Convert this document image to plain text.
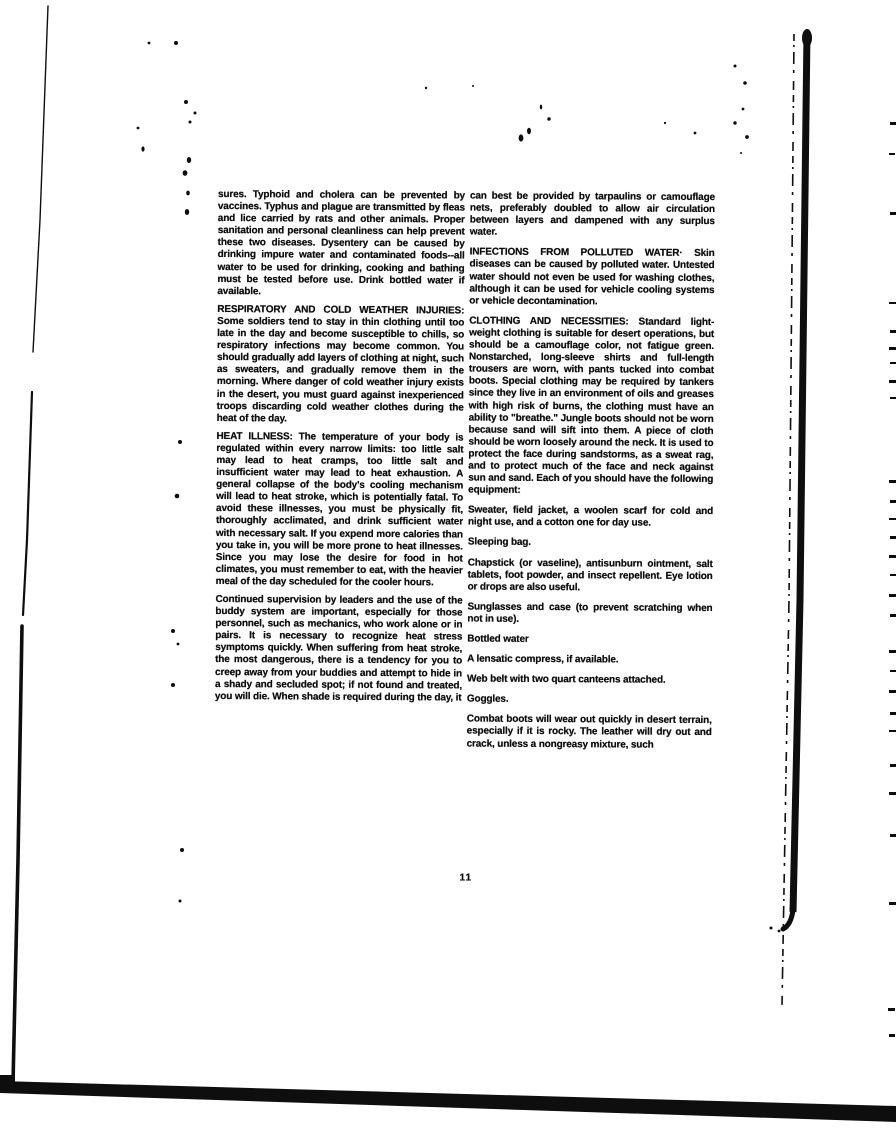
sures. Typhoid and cholera can be prevented by vaccines. Typhus and plague are transmitted by fleas and lice carried by rats and other animals. Proper sanitation and personal cleanliness can help prevent these two diseases. Dysentery can be caused by drinking impure water and contaminated foods--all water to be used for drinking, cooking and bathing must be tested before use. Drink bottled water if available.

RESPIRATORY AND COLD WEATHER INJURIES: Some soldiers tend to stay in thin clothing until too late in the day and become susceptible to chills, so respiratory infections may become common. You should gradually add layers of clothing at night, such as sweaters, and gradually remove them in the morning. Where danger of cold weather injury exists in the desert, you must guard against inexperienced troops discarding cold weather clothes during the heat of the day.

HEAT ILLNESS: The temperature of your body is regulated within every narrow limits: too little salt may lead to heat cramps, too little salt and insufficient water may lead to heat exhaustion. A general collapse of the body's cooling mechanism will lead to heat stroke, which is potentially fatal. To avoid these illnesses, you must be physically fit, thoroughly acclimated, and drink sufficient water with necessary salt. If you expend more calories than you take in, you will be more prone to heat illnesses. Since you may lose the desire for food in hot climates, you must remember to eat, with the heavier meal of the day scheduled for the cooler hours.

Continued supervision by leaders and the use of the buddy system are important, especially for those personnel, such as mechanics, who work alone or in pairs. It is necessary to recognize heat stress symptoms quickly. When suffering from heat stroke, the most dangerous, there is a tendency for you to creep away from your buddies and attempt to hide in a shady and secluded spot; if not found and treated, you will die. When shade is required during the day, it

can best be provided by tarpaulins or camouflage nets, preferably doubled to allow air circulation between layers and dampened with any surplus water.

INFECTIONS FROM POLLUTED WATER· Skin diseases can be caused by polluted water. Untested water should not even be used for washing clothes, although it can be used for vehicle cooling systems or vehicle decontamination.

CLOTHING AND NECESSITIES: Standard light-weight clothing is suitable for desert operations, but should be a camouflage color, not fatigue green. Nonstarched, long-sleeve shirts and full-length trousers are worn, with pants tucked into combat boots. Special clothing may be required by tankers since they live in an environment of oils and greases with high risk of burns, the clothing must have an ability to "breathe." Jungle boots should not be worn because sand will sift into them. A piece of cloth should be worn loosely around the neck. It is used to protect the face during sandstorms, as a sweat rag, and to protect much of the face and neck against sun and sand. Each of you should have the following equipment:

Sweater, field jacket, a woolen scarf for cold and night use, and a cotton one for day use.

Sleeping bag.

Chapstick (or vaseline), antisunburn ointment, salt tablets, foot powder, and insect repellent. Eye lotion or drops are also useful.

Sunglasses and case (to prevent scratching when not in use).

Bottled water

A lensatic compress, if available.

Web belt with two quart canteens attached.

Goggles.

Combat boots will wear out quickly in desert terrain, especially if it is rocky. The leather will dry out and crack, unless a nongreasy mixture, such

11
